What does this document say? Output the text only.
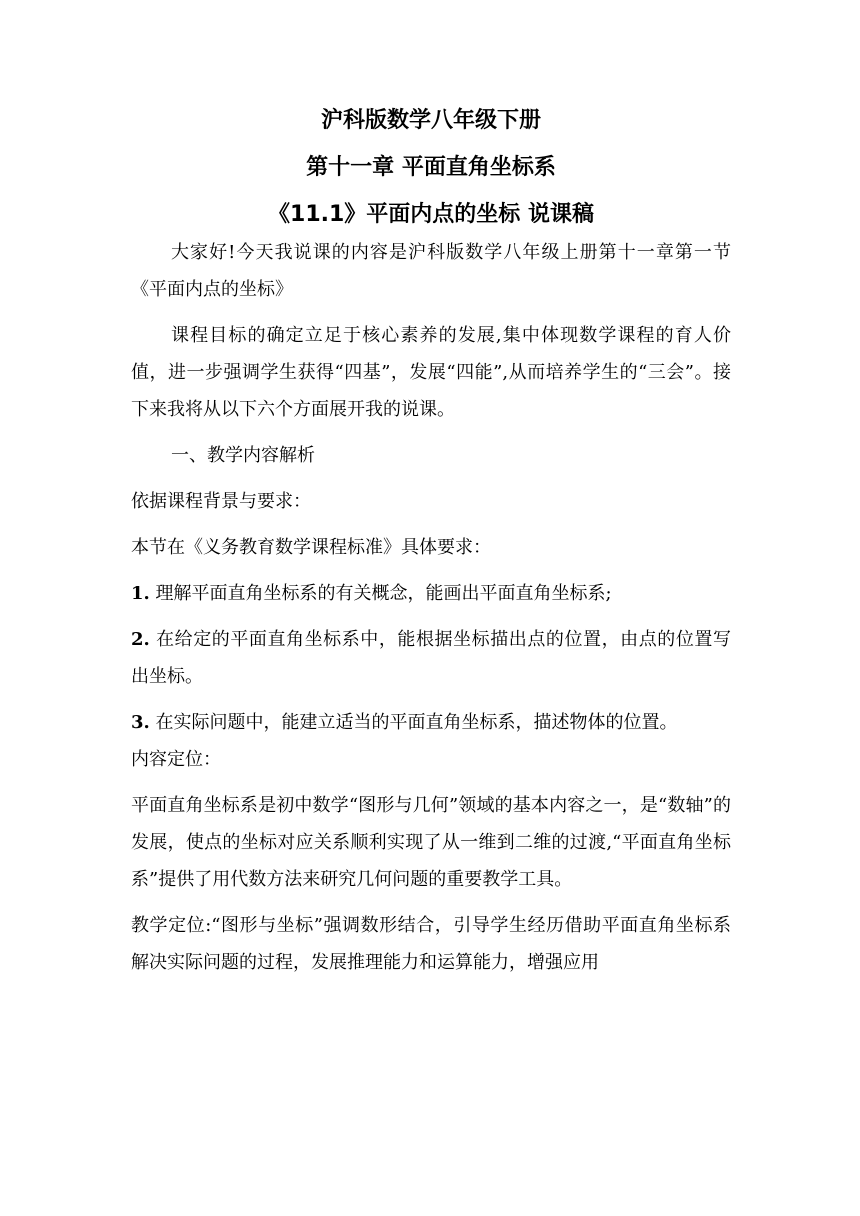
沪科版数学八年级下册

第十一章 平面直角坐标系

《11.1》平面内点的坐标 说课稿

大家好!今天我说课的内容是沪科版数学八年级上册第十一章第一节《平面内点的坐标》

课程目标的确定立足于核心素养的发展,集中体现数学课程的育人价值，进一步强调学生获得“四基”，发展“四能”,从而培养学生的“三会”。接下来我将从以下六个方面展开我的说课。

一、教学内容解析

依据课程背景与要求：

本节在《义务教育数学课程标准》具体要求：

1. 理解平面直角坐标系的有关概念，能画出平面直角坐标系;

2. 在给定的平面直角坐标系中，能根据坐标描出点的位置，由点的位置写出坐标。

3. 在实际问题中，能建立适当的平面直角坐标系，描述物体的位置。

内容定位：

平面直角坐标系是初中数学“图形与几何”领域的基本内容之一，是“数轴”的发展，使点的坐标对应关系顺利实现了从一维到二维的过渡,“平面直角坐标系”提供了用代数方法来研究几何问题的重要教学工具。

教学定位:“图形与坐标”强调数形结合，引导学生经历借助平面直角坐标系解决实际问题的过程，发展推理能力和运算能力，增强应用
